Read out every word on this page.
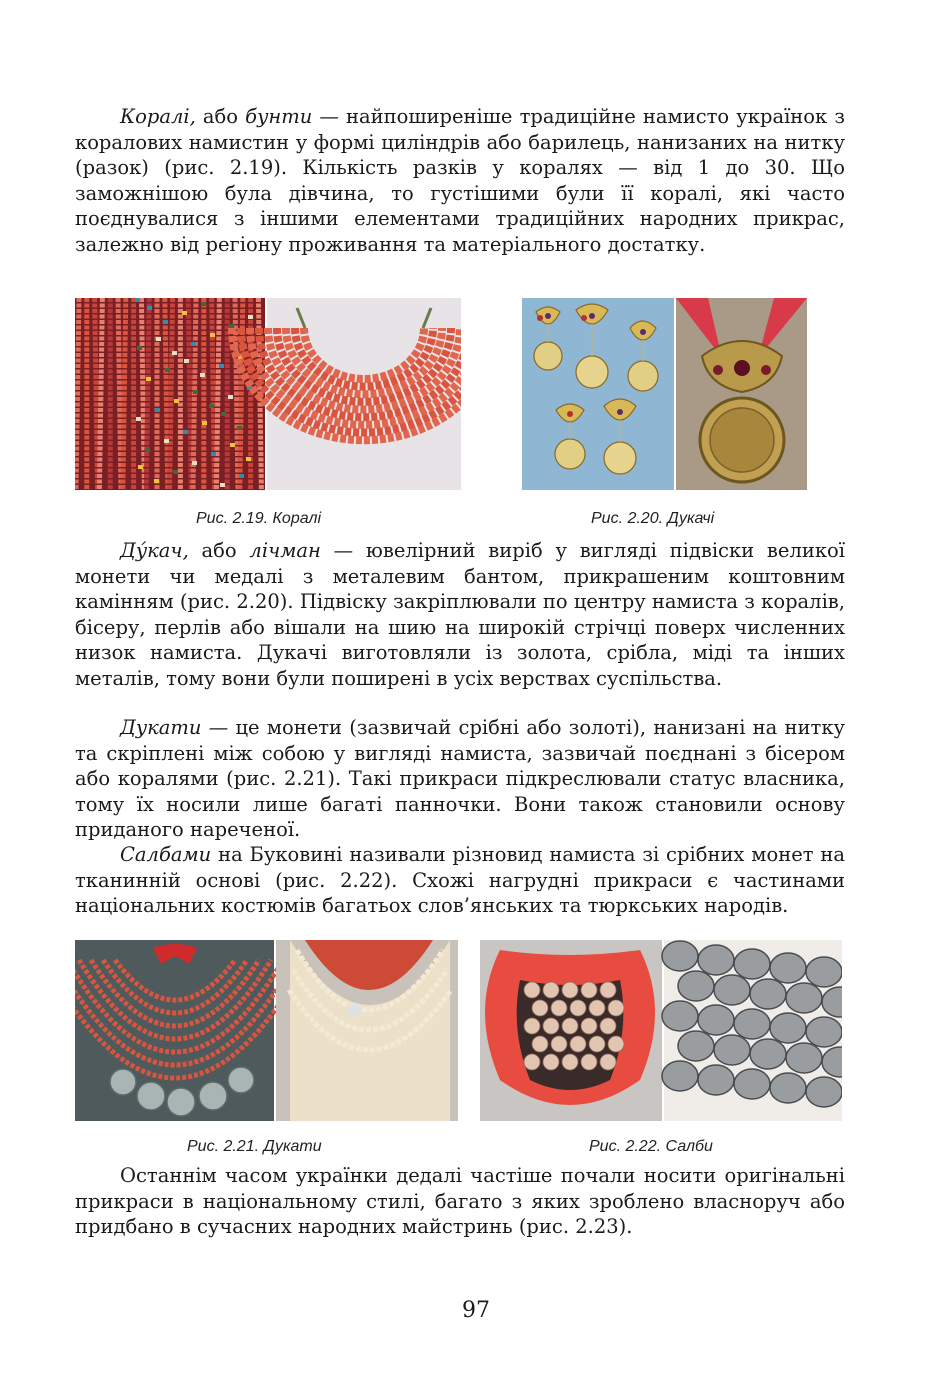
Коралі, або бунти — найпоширеніше традиційне намисто українок з коралових намистин у формі циліндрів або барилець, нанизаних на нитку (разок) (рис. 2.19). Кількість разків у коралях — від 1 до 30. Що заможнішою була дівчина, то густішими були її коралі, які часто поєднувалися з іншими елементами традиційних народних прикрас, залежно від регіону проживання та матеріального достатку.

Рис. 2.19. Коралі	Рис. 2.20. Дукачі

Ду́кач, або лічман — ювелірний виріб у вигляді підвіски великої монети чи медалі з металевим бантом, прикрашеним коштовним камінням (рис. 2.20). Підвіску закріплювали по центру намиста з коралів, бісеру, перлів або вішали на шию на широкій стрічці поверх численних низок намиста. Дукачі виготовляли із золота, срібла, міді та інших металів, тому вони були поширені в усіх верствах суспільства.

Дукати — це монети (зазвичай срібні або золоті), нанизані на нитку та скріплені між собою у вигляді намиста, зазвичай поєднані з бісером або коралями (рис. 2.21). Такі прикраси підкреслювали статус власника, тому їх носили лише багаті панночки. Вони також становили основу приданого нареченої.

Салбами на Буковині називали різновид намиста зі срібних монет на тканинній основі (рис. 2.22). Схожі нагрудні прикраси є частинами національних костюмів багатьох слов’янських та тюркських народів.

Рис. 2.21. Дукати	Рис. 2.22. Салби

Останнім часом українки дедалі частіше почали носити оригінальні прикраси в національному стилі, багато з яких зроблено власноруч або придбано в сучасних народних майстринь (рис. 2.23).

97
